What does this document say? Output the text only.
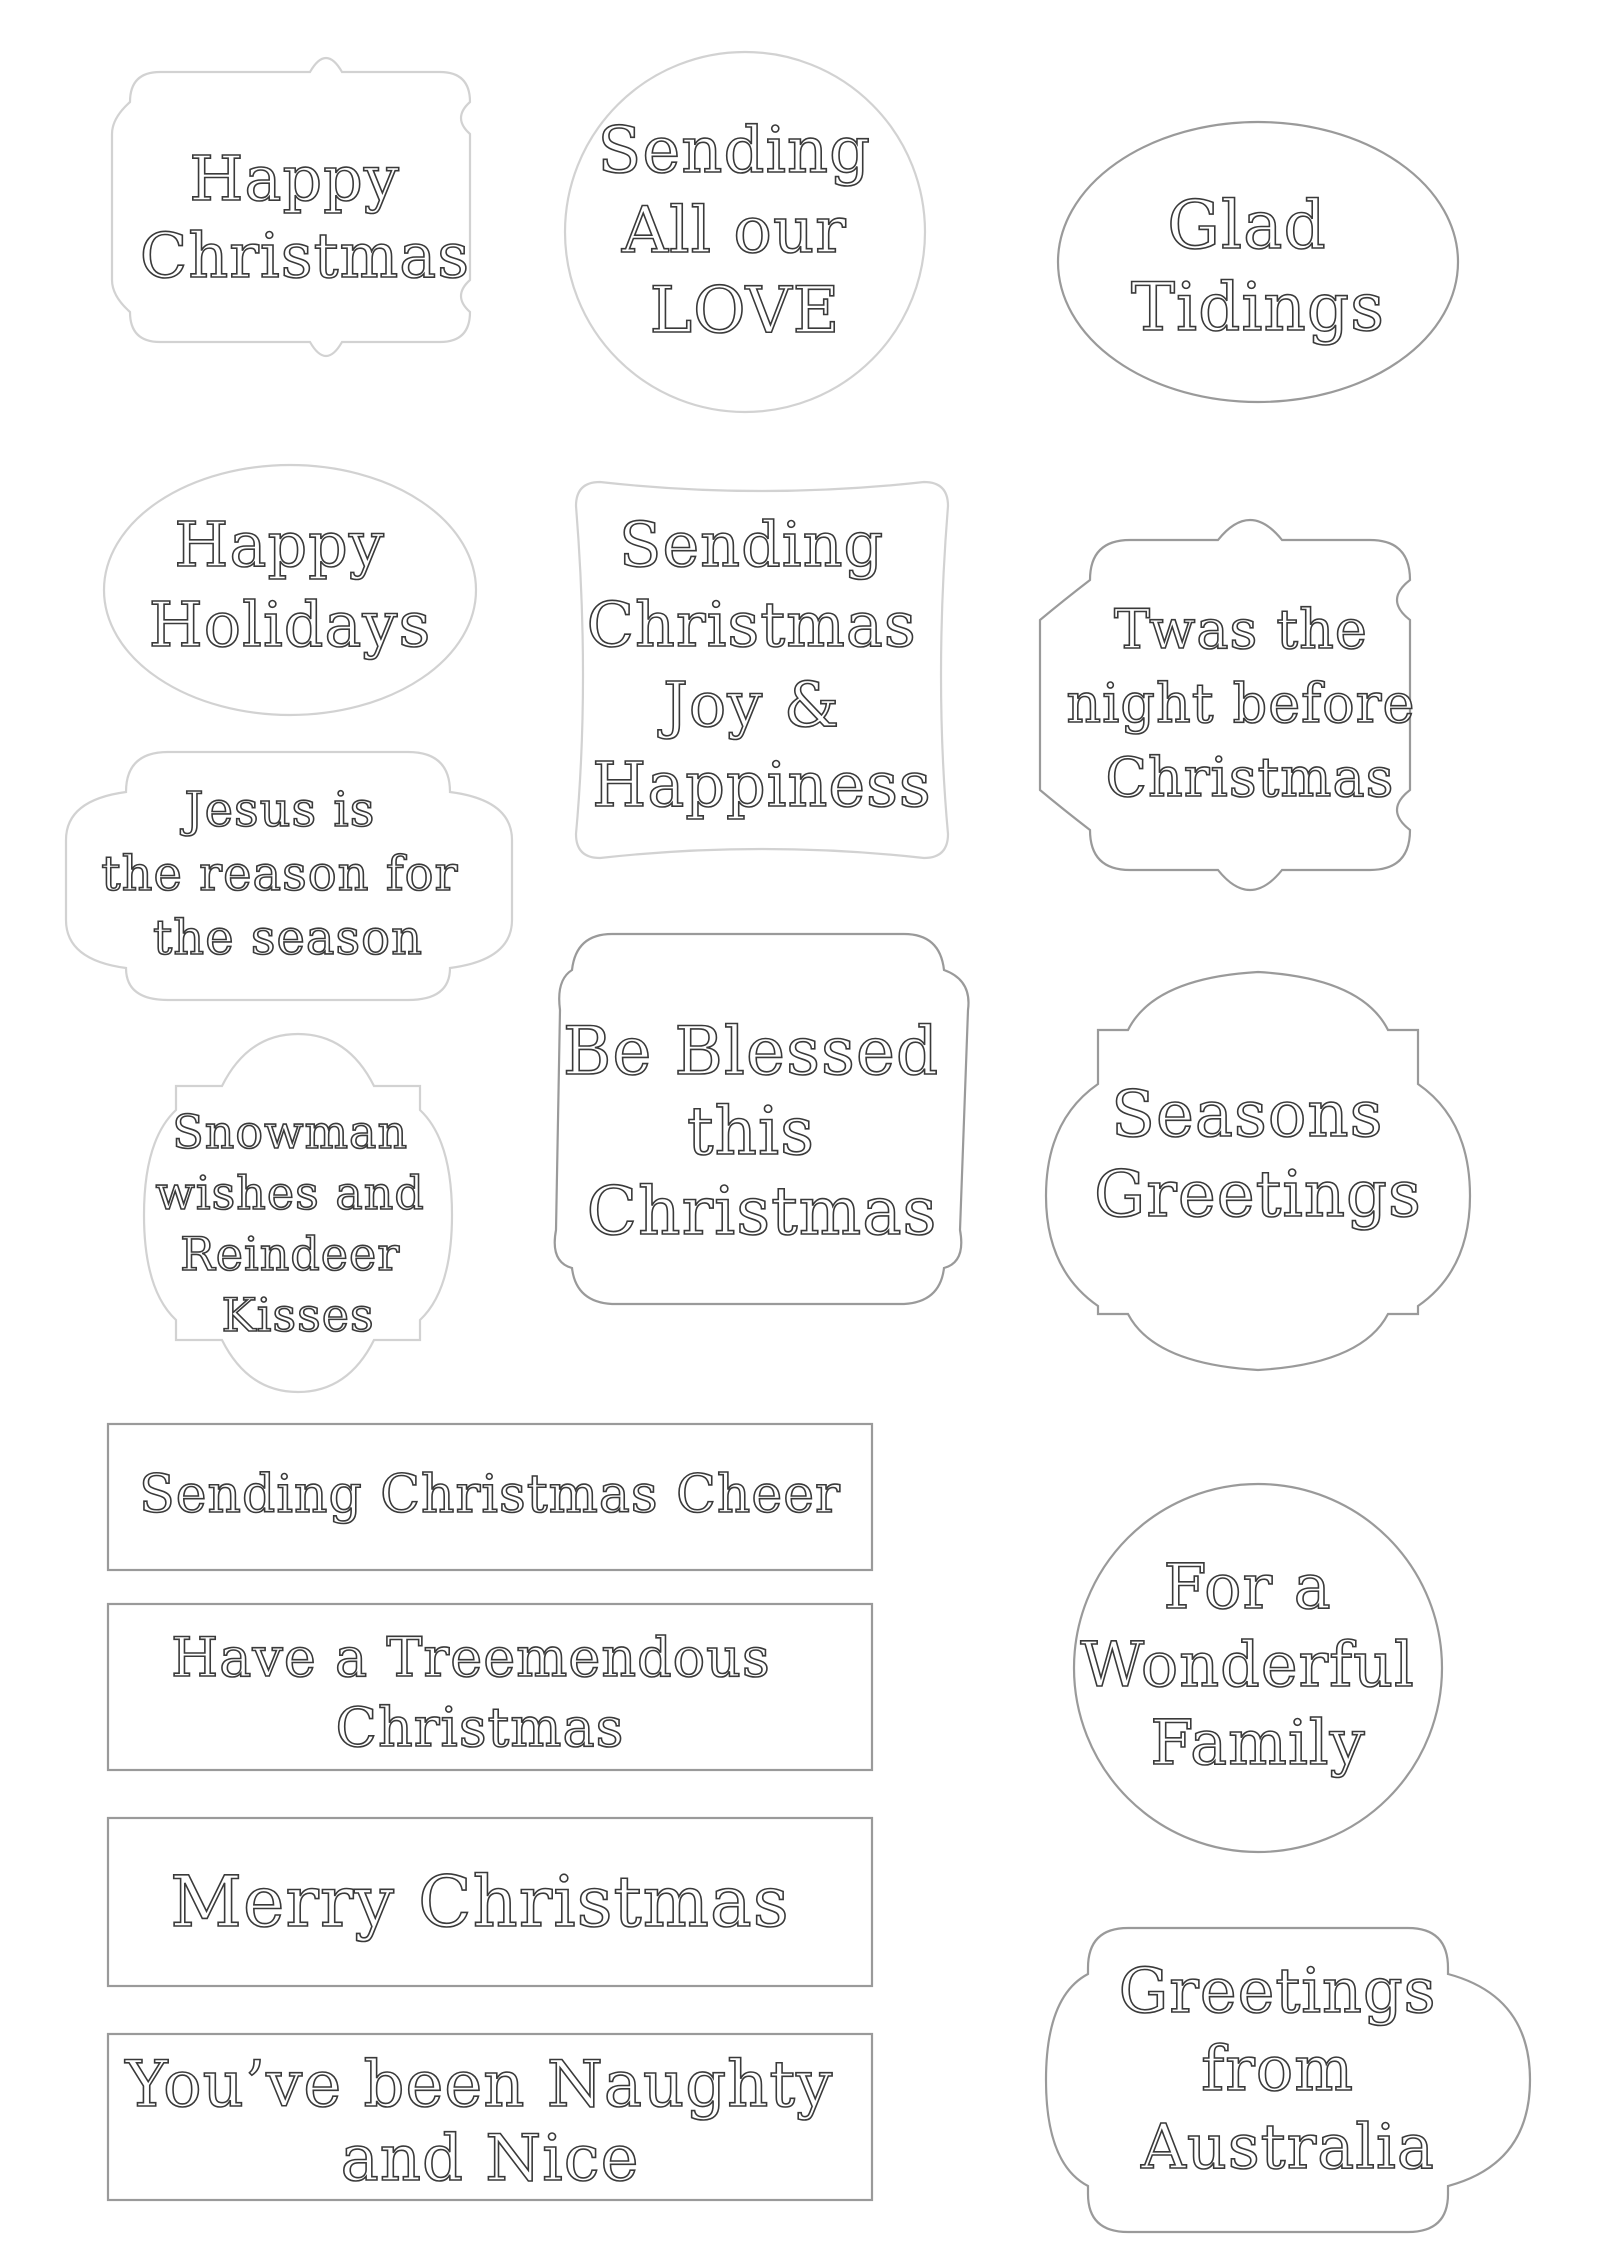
Happy Christmas
Sending All our LOVE
Glad Tidings
Happy Holidays
Sending Christmas Joy & Happiness
Twas the night before Christmas
Jesus is the reason for the season
Be Blessed this Christmas
Seasons Greetings
Snowman wishes and Reindeer Kisses
Sending Christmas Cheer
For a Wonderful Family
Have a Treemendous Christmas
Merry Christmas
Greetings from Australia
You’ve been Naughty and Nice
